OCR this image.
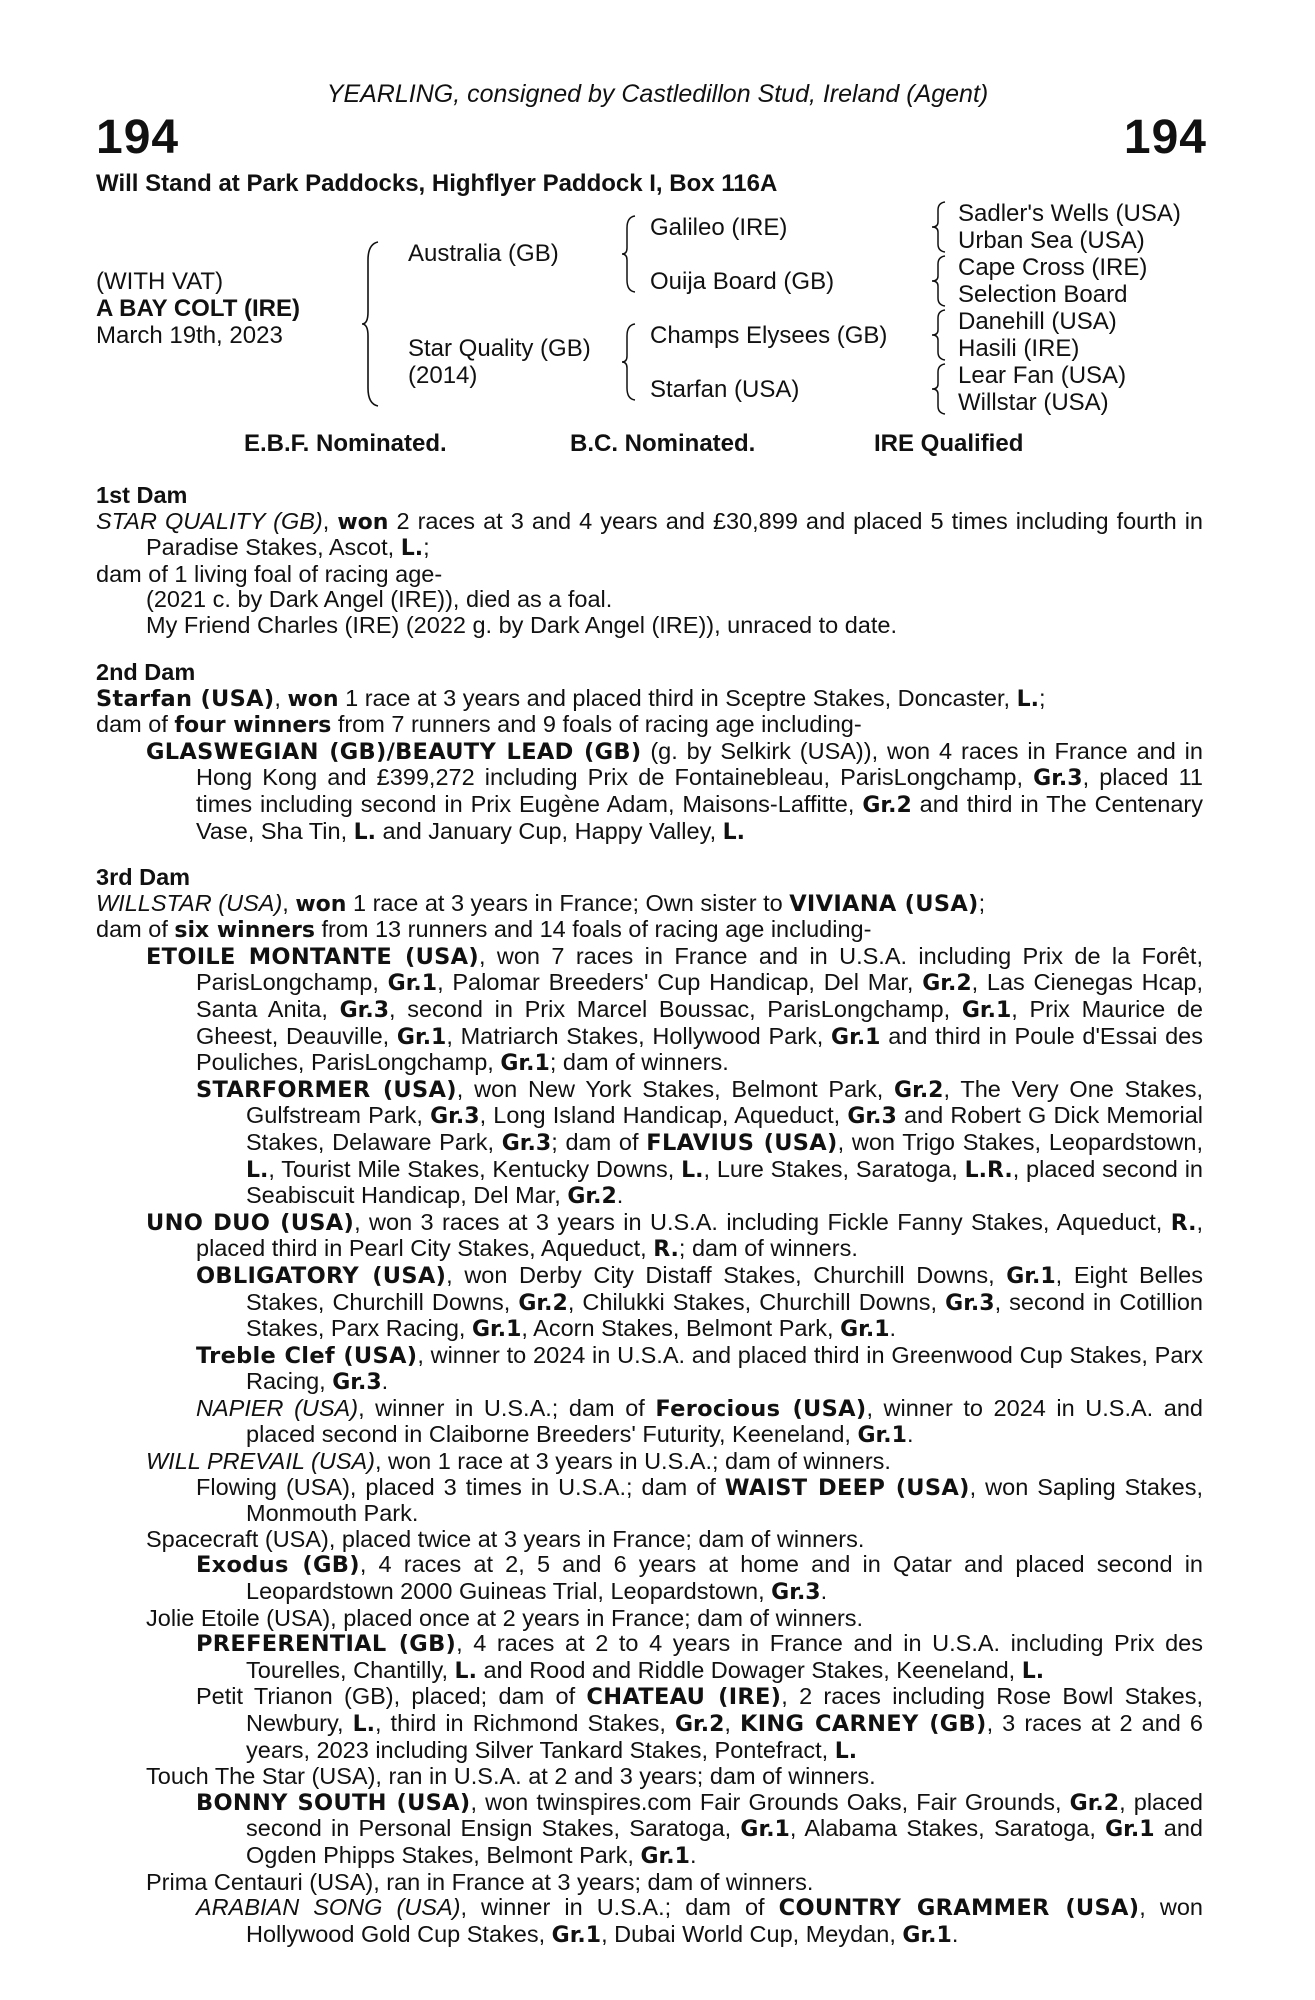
YEARLING, consigned by Castledillon Stud, Ireland (Agent)
194	194
Will Stand at Park Paddocks, Highflyer Paddock I, Box 116A
(WITH VAT)
A BAY COLT (IRE)
March 19th, 2023
Australia (GB)
Star Quality (GB)
(2014)
Galileo (IRE)
Ouija Board (GB)
Champs Elysees (GB)
Starfan (USA)
Sadler's Wells (USA)
Urban Sea (USA)
Cape Cross (IRE)
Selection Board
Danehill (USA)
Hasili (IRE)
Lear Fan (USA)
Willstar (USA)
E.B.F. Nominated.	B.C. Nominated.	IRE Qualified

1st Dam

STAR QUALITY (GB), won 2 races at 3 and 4 years and £30,899 and placed 5 times including fourth in Paradise Stakes, Ascot, L.;

dam of 1 living foal of racing age-

(2021 c. by Dark Angel (IRE)), died as a foal.

My Friend Charles (IRE) (2022 g. by Dark Angel (IRE)), unraced to date.

2nd Dam

Starfan (USA), won 1 race at 3 years and placed third in Sceptre Stakes, Doncaster, L.;

dam of four winners from 7 runners and 9 foals of racing age including-

GLASWEGIAN (GB)/BEAUTY LEAD (GB) (g. by Selkirk (USA)), won 4 races in France and in Hong Kong and £399,272 including Prix de Fontainebleau, ParisLongchamp, Gr.3, placed 11 times including second in Prix Eugène Adam, Maisons-Laffitte, Gr.2 and third in The Centenary Vase, Sha Tin, L. and January Cup, Happy Valley, L.

3rd Dam

WILLSTAR (USA), won 1 race at 3 years in France; Own sister to VIVIANA (USA);

dam of six winners from 13 runners and 14 foals of racing age including-

ETOILE MONTANTE (USA), won 7 races in France and in U.S.A. including Prix de la Forêt, ParisLongchamp, Gr.1, Palomar Breeders' Cup Handicap, Del Mar, Gr.2, Las Cienegas Hcap, Santa Anita, Gr.3, second in Prix Marcel Boussac, ParisLongchamp, Gr.1, Prix Maurice de Gheest, Deauville, Gr.1, Matriarch Stakes, Hollywood Park, Gr.1 and third in Poule d'Essai des Pouliches, ParisLongchamp, Gr.1; dam of winners.

STARFORMER (USA), won New York Stakes, Belmont Park, Gr.2, The Very One Stakes, Gulfstream Park, Gr.3, Long Island Handicap, Aqueduct, Gr.3 and Robert G Dick Memorial Stakes, Delaware Park, Gr.3; dam of FLAVIUS (USA), won Trigo Stakes, Leopardstown, L., Tourist Mile Stakes, Kentucky Downs, L., Lure Stakes, Saratoga, L.R., placed second in Seabiscuit Handicap, Del Mar, Gr.2.

UNO DUO (USA), won 3 races at 3 years in U.S.A. including Fickle Fanny Stakes, Aqueduct, R., placed third in Pearl City Stakes, Aqueduct, R.; dam of winners.

OBLIGATORY (USA), won Derby City Distaff Stakes, Churchill Downs, Gr.1, Eight Belles Stakes, Churchill Downs, Gr.2, Chilukki Stakes, Churchill Downs, Gr.3, second in Cotillion Stakes, Parx Racing, Gr.1, Acorn Stakes, Belmont Park, Gr.1.

Treble Clef (USA), winner to 2024 in U.S.A. and placed third in Greenwood Cup Stakes, Parx Racing, Gr.3.

NAPIER (USA), winner in U.S.A.; dam of Ferocious (USA), winner to 2024 in U.S.A. and placed second in Claiborne Breeders' Futurity, Keeneland, Gr.1.

WILL PREVAIL (USA), won 1 race at 3 years in U.S.A.; dam of winners.

Flowing (USA), placed 3 times in U.S.A.; dam of WAIST DEEP (USA), won Sapling Stakes, Monmouth Park.

Spacecraft (USA), placed twice at 3 years in France; dam of winners.

Exodus (GB), 4 races at 2, 5 and 6 years at home and in Qatar and placed second in Leopardstown 2000 Guineas Trial, Leopardstown, Gr.3.

Jolie Etoile (USA), placed once at 2 years in France; dam of winners.

PREFERENTIAL (GB), 4 races at 2 to 4 years in France and in U.S.A. including Prix des Tourelles, Chantilly, L. and Rood and Riddle Dowager Stakes, Keeneland, L.

Petit Trianon (GB), placed; dam of CHATEAU (IRE), 2 races including Rose Bowl Stakes, Newbury, L., third in Richmond Stakes, Gr.2, KING CARNEY (GB), 3 races at 2 and 6 years, 2023 including Silver Tankard Stakes, Pontefract, L.

Touch The Star (USA), ran in U.S.A. at 2 and 3 years; dam of winners.

BONNY SOUTH (USA), won twinspires.com Fair Grounds Oaks, Fair Grounds, Gr.2, placed second in Personal Ensign Stakes, Saratoga, Gr.1, Alabama Stakes, Saratoga, Gr.1 and Ogden Phipps Stakes, Belmont Park, Gr.1.

Prima Centauri (USA), ran in France at 3 years; dam of winners.

ARABIAN SONG (USA), winner in U.S.A.; dam of COUNTRY GRAMMER (USA), won Hollywood Gold Cup Stakes, Gr.1, Dubai World Cup, Meydan, Gr.1.
